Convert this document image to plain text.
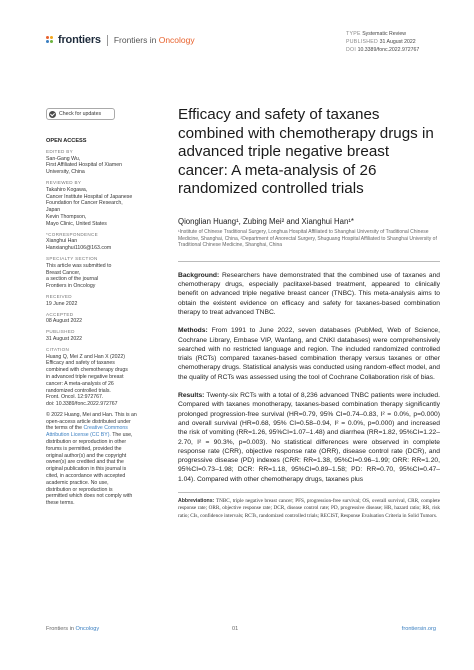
frontiers Frontiers in Oncology
TYPE Systematic Review
PUBLISHED 31 August 2022
DOI 10.3389/fonc.2022.972767
Check for updates
OPEN ACCESS
EDITED BY
San-Gang Wu,
First Affiliated Hospital of Xiamen
University, China
REVIEWED BY
Takahiro Kogawa,
Cancer Institute Hospital of Japanese
Foundation for Cancer Research,
Japan
Kevin Thompson,
Mayo Clinic, United States
*CORRESPONDENCE
Xianghui Han
Hanxianghui1106@163.com
SPECIALTY SECTION
This article was submitted to
Breast Cancer,
a section of the journal
Frontiers in Oncology
RECEIVED
19 June 2022
ACCEPTED
08 August 2022
PUBLISHED
31 August 2022
CITATION
Huang Q, Mei Z and Han X (2022)
Efficacy and safety of taxanes
combined with chemotherapy drugs
in advanced triple negative breast
cancer: A meta-analysis of 26
randomized controlled trials.
Front. Oncol. 12:972767.
doi: 10.3389/fonc.2022.972767
© 2022 Huang, Mei and Han. This is an
open-access article distributed under
the terms of the Creative Commons
Attribution License (CC BY). The use,
distribution or reproduction in other
forums is permitted, provided the
original author(s) and the copyright
owner(s) are credited and that the
original publication in this journal is
cited, in accordance with accepted
academic practice. No use,
distribution or reproduction is
permitted which does not comply with
these terms.
Efficacy and safety of taxanes combined with chemotherapy drugs in advanced triple negative breast cancer: A meta-analysis of 26 randomized controlled trials
Qionglian Huang¹, Zubing Mei² and Xianghui Han¹*
¹Institute of Chinese Traditional Surgery, Longhua Hospital Affiliated to Shanghai University of Traditional Chinese Medicine, Shanghai, China, ²Department of Anorectal Surgery, Shuguang Hospital Affiliated to Shanghai University of Traditional Chinese Medicine, Shanghai, China

Background: Researchers have demonstrated that the combined use of taxanes and chemotherapy drugs, especially paclitaxel-based treatment, appeared to clinically benefit on advanced triple negative breast cancer (TNBC). This meta-analysis aims to obtain the existent evidence on efficacy and safety for taxanes-based combination therapy to treat advanced TNBC.

Methods: From 1991 to June 2022, seven databases (PubMed, Web of Science, Cochrane Library, Embase VIP, Wanfang, and CNKI databases) were comprehensively searched with no restricted language and region. The included randomized controlled trials (RCTs) compared taxanes-based combination therapy versus taxanes or other chemotherapy drugs. Statistical analysis was conducted using random-effect model, and the quality of RCTs was assessed using the tool of Cochrane Collaboration risk of bias.

Results: Twenty-six RCTs with a total of 8,236 advanced TNBC patients were included. Compared with taxanes monotherapy, taxanes-based combination therapy significantly prolonged progression-free survival (HR=0.79, 95% CI=0.74–0.83, I² = 0.0%, p=0.000) and overall survival (HR=0.68, 95% CI=0.58–0.94, I² = 0.0%, p=0.000) and increased the risk of vomiting (RR=1.26, 95%CI=1.07–1.48) and diarrhea (RR=1.82, 95%CI=1.22–2.70, I² = 90.3%, p=0.003). No statistical differences were observed in complete response rate (CRR), objective response rate (ORR), disease control rate (DCR), and progressive disease (PD) indexes (CRR: RR=1.38, 95%CI=0.96–1.99; ORR: RR=1.20, 95%CI=0.73–1.98; DCR: RR=1.18, 95%CI=0.89–1.58; PD: RR=0.70, 95%CI=0.47–1.04). Compared with other chemotherapy drugs, taxanes plus

Abbreviations: TNBC, triple negative breast cancer; PFS, progression-free survival; OS, overall survival, CRR, complete response rate; ORR, objective response rate; DCR, disease control rate; PD, progressive disease; HR, hazard ratio; RR, risk ratio; CIs, confidence intervals; RCTs, randomized controlled trials; RECIST, Response Evaluation Criteria in Solid Tumors.
Frontiers in Oncology	01	frontiersin.org
